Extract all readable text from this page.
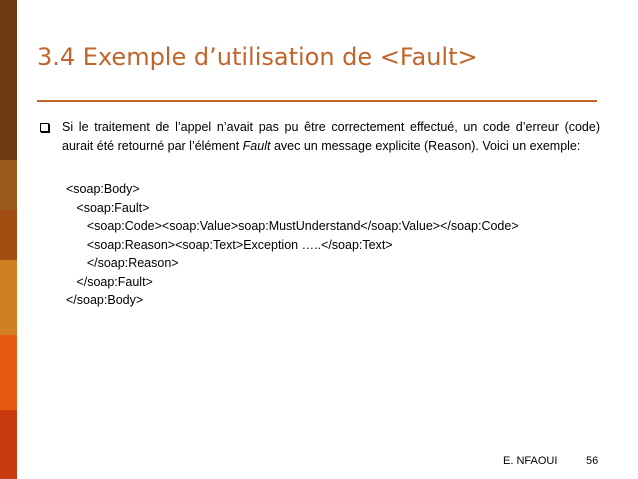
3.4 Exemple d’utilisation de <Fault>

Si le traitement de l’appel n’avait pas pu être correctement effectué, un code d’erreur (code) aurait été retourné par l’élément Fault avec un message explicite (Reason). Voici un exemple:

<soap:Body>
<soap:Fault>
<soap:Code><soap:Value>soap:MustUnderstand</soap:Value></soap:Code>
<soap:Reason><soap:Text>Exception …..</soap:Text>
</soap:Reason>
</soap:Fault>
</soap:Body>
E. NFAOUI	56
